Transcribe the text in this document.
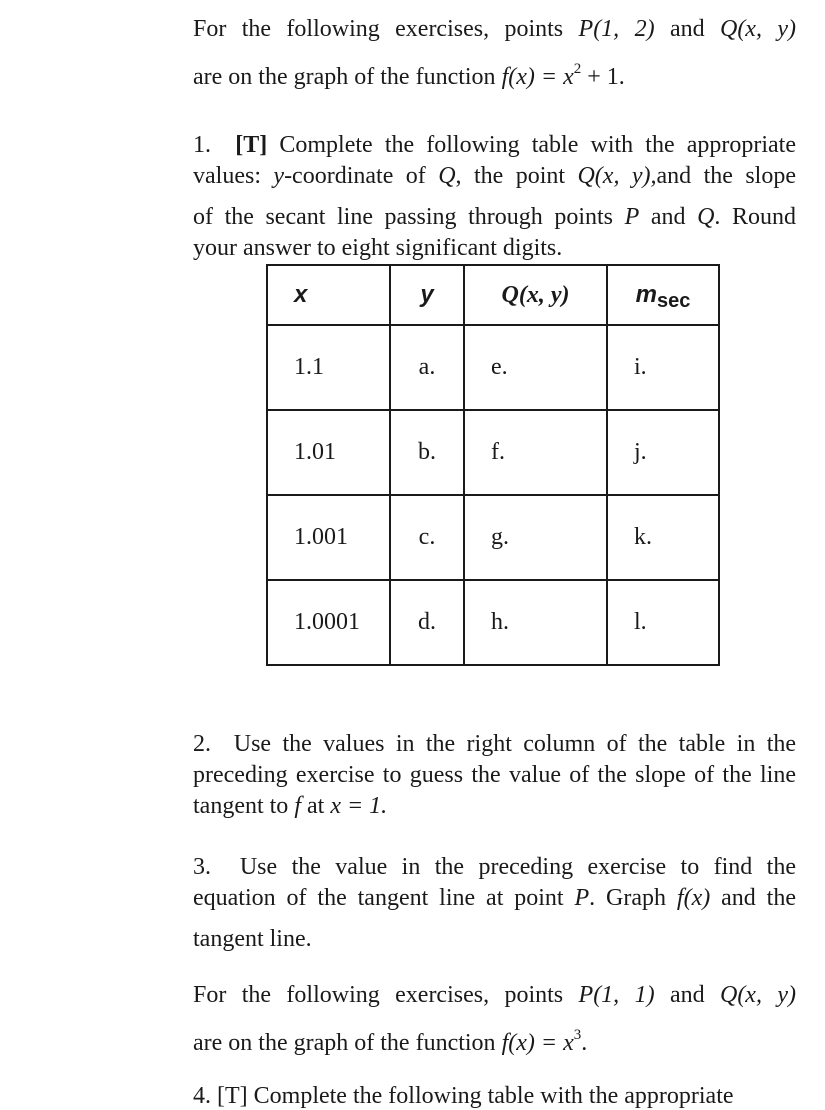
For the following exercises, points P(1, 2) and Q(x, y)
are on the graph of the function $f(x) = x^2 + 1$.
1. [T] Complete the following table with the appropriate
values: y-coordinate of Q, the point Q(x, y),and the slope
of the secant line passing through points P and Q. Round
your answer to eight significant digits.
x	y	Q(x, y)	$m_{sec}$
1.1	a.	e.	i.
1.01	b.	f.	j.
1.001	c.	g.	k.
1.0001	d.	h.	l.
2. Use the values in the right column of the table in the
preceding exercise to guess the value of the slope of the line
tangent to f at x = 1.
3. Use the value in the preceding exercise to find the
equation of the tangent line at point P. Graph f(x) and the
tangent line.
For the following exercises, points P(1, 1) and Q(x, y)
are on the graph of the function $f(x) = x^3$.
4. [T] Complete the following table with the appropriate
